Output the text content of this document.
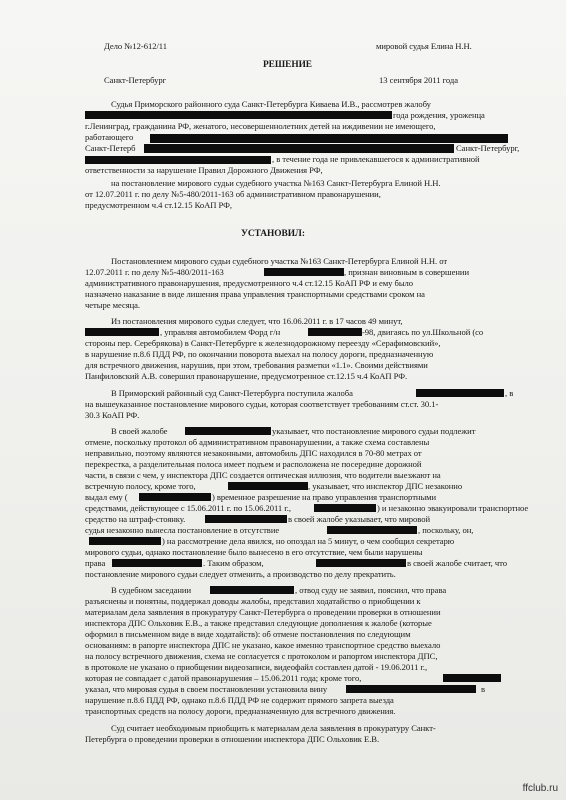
Дело №12-612/11	мировой судья Елина Н.Н.
РЕШЕНИЕ
Санкт-Петербург	13 сентября 2011 года
Судья Приморского районного суда Санкт-Петербурга Киваева И.В., рассмотрев жалобу
года рождения, уроженца
г.Ленинград, гражданина РФ, женатого, несовершеннолетних детей на иждивении не имеющего,
работающего
Санкт-Петерб	Санкт-Петербург,
, в течение года не привлекавшегося к административной
ответственности за нарушение Правил Дорожного Движения РФ,
на постановление мирового судьи судебного участка №163 Санкт-Петербурга Елиной Н.Н.
от 12.07.2011 г. по делу №5-480/2011-163 об административном правонарушении,
предусмотренном ч.4 ст.12.15 КоАП РФ,
УСТАНОВИЛ:
Постановлением мирового судьи судебного участка №163 Санкт-Петербурга Елиной Н.Н. от
12.07.2011 г. по делу №5-480/2011-163	, признан виновным в совершении
административного правонарушения, предусмотренного ч.4 ст.12.15 КоАП РФ и ему было
назначено наказание в виде лишения права управления транспортными средствами сроком на
четыре месяца.
Из постановления мирового судьи следует, что 16.06.2011 г. в 17 часов 49 минут,
, управляя автомобилем Форд г/н	-98, двигаясь по ул.Школьной (со
стороны пер. Серебрякова) в Санкт-Петербурге к железнодорожному переезду «Серафимовский»,
в нарушение п.8.6 ПДД РФ, по окончании поворота выехал на полосу дороги, предназначенную
для встречного движения, нарушив, при этом, требования разметки «1.1». Своими действиями
Панфиловский А.В. совершил правонарушение, предусмотренное ст.12.15 ч.4 КоАП РФ.
В Приморский районный суд Санкт-Петербурга поступила жалоба	, в
на вышеуказанное постановление мирового судьи, которая соответствует требованиям ст.ст. 30.1-
30.3 КоАП РФ.
В своей жалобе	указывает, что постановление мирового судьи подлежит
отмене, поскольку протокол об административном правонарушении, а также схема составлены
неправильно, поэтому являются незаконными, автомобиль ДПС находился в 70-80 метрах от
перекрестка, а разделительная полоса имеет подъем и расположена не посередине дорожной
части, в связи с чем, у инспектора ДПС создается оптическая иллюзия, что водители выезжают на
встречную полосу, кроме того,	, указывает, что инспектор ДПС незаконно
выдал ему (	) временное разрешение на право управления транспортными
средствами, действующее с 15.06.2011 г. по 15.06.2011 г.,	) и незаконно эвакуировали транспортное
средство на штраф-стоянку.	в своей жалобе указывает, что мировой
судья незаконно вынесла постановление в отсутствие	, поскольку, он,
) на рассмотрение дела явился, но опоздал на 5 минут, о чем сообщил секретарю
мирового судьи, однако постановление было вынесено в его отсутствие, чем были нарушены
права	. Таким образом,	в своей жалобе считает, что
постановление мирового судьи следует отменить, а производство по делу прекратить.
В судебном заседании	, отвод суду не заявил, пояснил, что права
разъяснены и понятны, поддержал доводы жалобы, представил ходатайство о приобщении к
материалам дела заявления в прокуратуру Санкт-Петербурга о проведении проверки в отношении
инспектора ДПС Ольховик Е.В., а также представил следующие дополнения к жалобе (которые
оформил в письменном виде в виде ходатайств): об отмене постановления по следующим
основаниям: в рапорте инспектора ДПС не указано, какое именно транспортное средство выехало
на полосу встречного движения, схема не согласуется с протоколом и рапортом инспектора ДПС,
в протоколе не указано о приобщении видеозаписи, видеофайл составлен датой - 19.06.2011 г.,
которая не совпадает с датой правонарушения – 15.06.2011 года; кроме того,
указал, что мировая судья в своем постановлении установила вину	в
нарушение п.8.6 ПДД РФ, однако п.8.6 ПДД РФ не содержит прямого запрета выезда
транспортных средств на полосу дороги, предназначенную для встречного движения.
Суд считает необходимым приобщить к материалам дела заявления в прокуратуру Санкт-
Петербурга о проведении проверки в отношении инспектора ДПС Ольховик Е.В.
ffclub.ru
